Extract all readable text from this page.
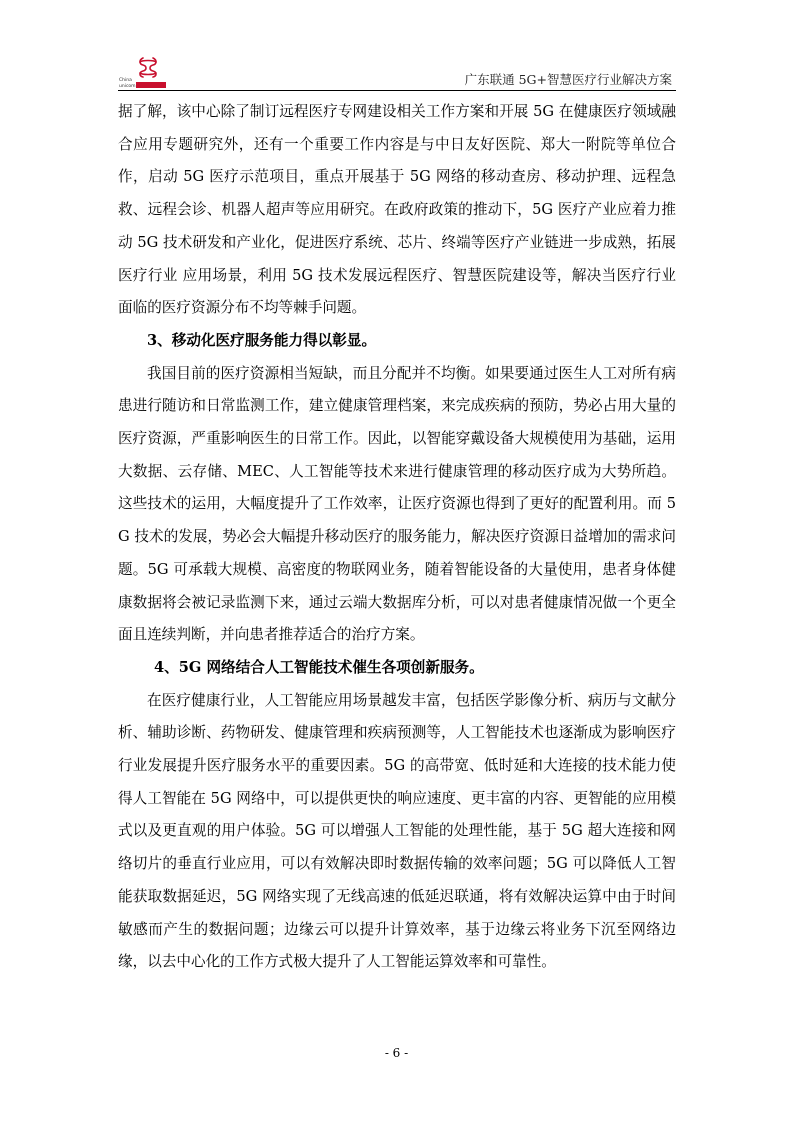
China
unicom	广东联通 5G+智慧医疗行业解决方案

据了解，该中心除了制订远程医疗专网建设相关工作方案和开展 5G 在健康医疗领域融合应用专题研究外，还有一个重要工作内容是与中日友好医院、郑大一附院等单位合作，启动 5G 医疗示范项目，重点开展基于 5G 网络的移动查房、移动护理、远程急救、远程会诊、机器人超声等应用研究。在政府政策的推动下，5G 医疗产业应着力推动 5G 技术研发和产业化，促进医疗系统、芯片、终端等医疗产业链进一步成熟，拓展医疗行业 应用场景，利用 5G 技术发展远程医疗、智慧医院建设等，解决当医疗行业面临的医疗资源分布不均等棘手问题。

3、移动化医疗服务能力得以彰显。

我国目前的医疗资源相当短缺，而且分配并不均衡。如果要通过医生人工对所有病患进行随访和日常监测工作，建立健康管理档案，来完成疾病的预防，势必占用大量的医疗资源，严重影响医生的日常工作。因此，以智能穿戴设备大规模使用为基础，运用大数据、云存储、MEC、人工智能等技术来进行健康管理的移动医疗成为大势所趋。这些技术的运用，大幅度提升了工作效率，让医疗资源也得到了更好的配置利用。而 5G 技术的发展，势必会大幅提升移动医疗的服务能力，解决医疗资源日益增加的需求问题。5G 可承载大规模、高密度的物联网业务，随着智能设备的大量使用，患者身体健康数据将会被记录监测下来，通过云端大数据库分析，可以对患者健康情况做一个更全面且连续判断，并向患者推荐适合的治疗方案。

4、5G 网络结合人工智能技术催生各项创新服务。

在医疗健康行业，人工智能应用场景越发丰富，包括医学影像分析、病历与文献分析、辅助诊断、药物研发、健康管理和疾病预测等，人工智能技术也逐渐成为影响医疗行业发展提升医疗服务水平的重要因素。5G 的高带宽、低时延和大连接的技术能力使得人工智能在 5G 网络中，可以提供更快的响应速度、更丰富的内容、更智能的应用模式以及更直观的用户体验。5G 可以增强人工智能的处理性能，基于 5G 超大连接和网络切片的垂直行业应用，可以有效解决即时数据传输的效率问题；5G 可以降低人工智能获取数据延迟，5G 网络实现了无线高速的低延迟联通，将有效解决运算中由于时间敏感而产生的数据问题；边缘云可以提升计算效率，基于边缘云将业务下沉至网络边缘，以去中心化的工作方式极大提升了人工智能运算效率和可靠性。

- 6 -
